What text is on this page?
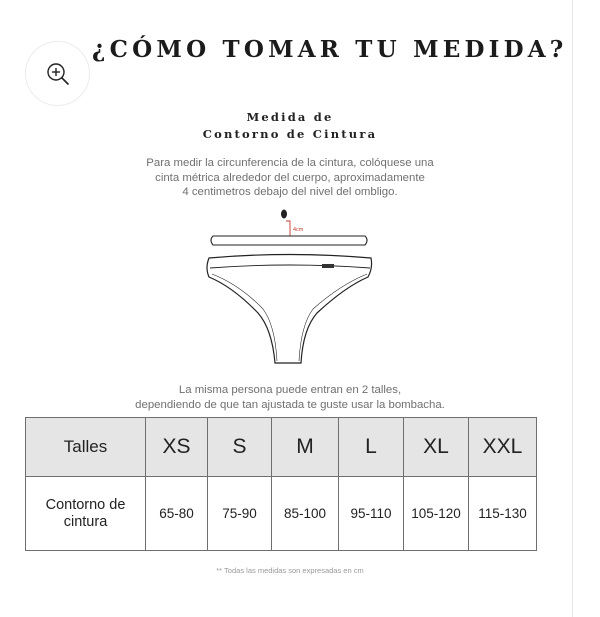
¿CÓMO TOMAR TU MEDIDA?
Medida de
Contorno de Cintura
Para medir la circunferencia de la cintura, colóquese una
cinta métrica alrededor del cuerpo, aproximadamente
4 centimetros debajo del nivel del ombligo.
4cm
La misma persona puede entran en 2 talles,
dependiendo de que tan ajustada te guste usar la bombacha.
Talles	XS	S	M	L	XL	XXL

Contorno de
cintura	65-80	75-90	85-100	95-110	105-120	115-130
** Todas las medidas son expresadas en cm
